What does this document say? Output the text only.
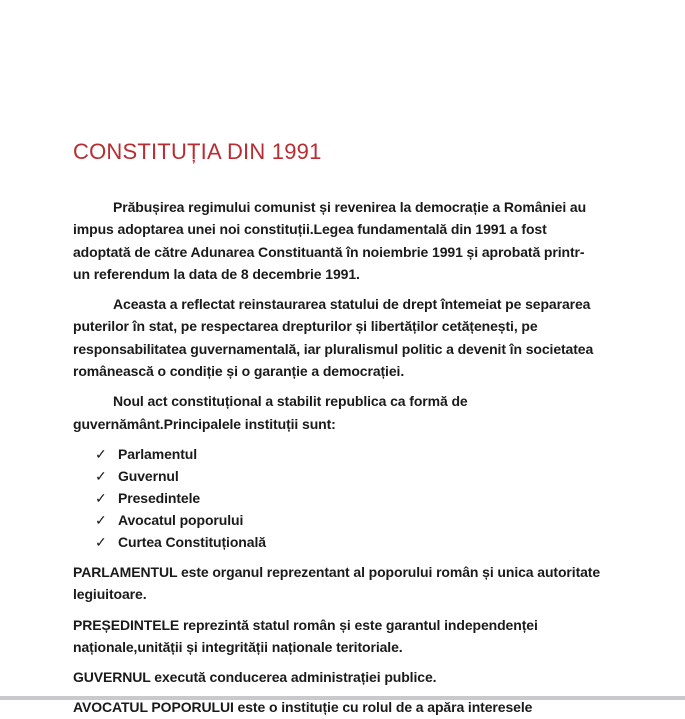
CONSTITUȚIA DIN 1991
Prăbușirea regimului comunist și revenirea la democrație a României au
impus adoptarea unei noi constituții.Legea fundamentală din 1991 a fost
adoptată de către Adunarea Constituantă în noiembrie 1991 și aprobată printr-
un referendum la data de 8 decembrie 1991.
Aceasta a reflectat reinstaurarea statului de drept întemeiat pe separarea
puterilor în stat, pe respectarea drepturilor și libertăților cetățenești, pe
responsabilitatea guvernamentală, iar pluralismul politic a devenit în societatea
românească o condiție și o garanție a democrației.
Noul act constituțional a stabilit republica ca formă de
guvernământ.Principalele instituții sunt:
✓ Parlamentul
✓ Guvernul
✓ Presedintele
✓ Avocatul poporului
✓ Curtea Constituțională
PARLAMENTUL este organul reprezentant al poporului român și unica autoritate
legiuitoare.
PREȘEDINTELE reprezintă statul român și este garantul independenței
naționale,unității și integrității naționale teritoriale.
GUVERNUL execută conducerea administrației publice.
AVOCATUL POPORULUI este o instituție cu rolul de a apăra interesele
